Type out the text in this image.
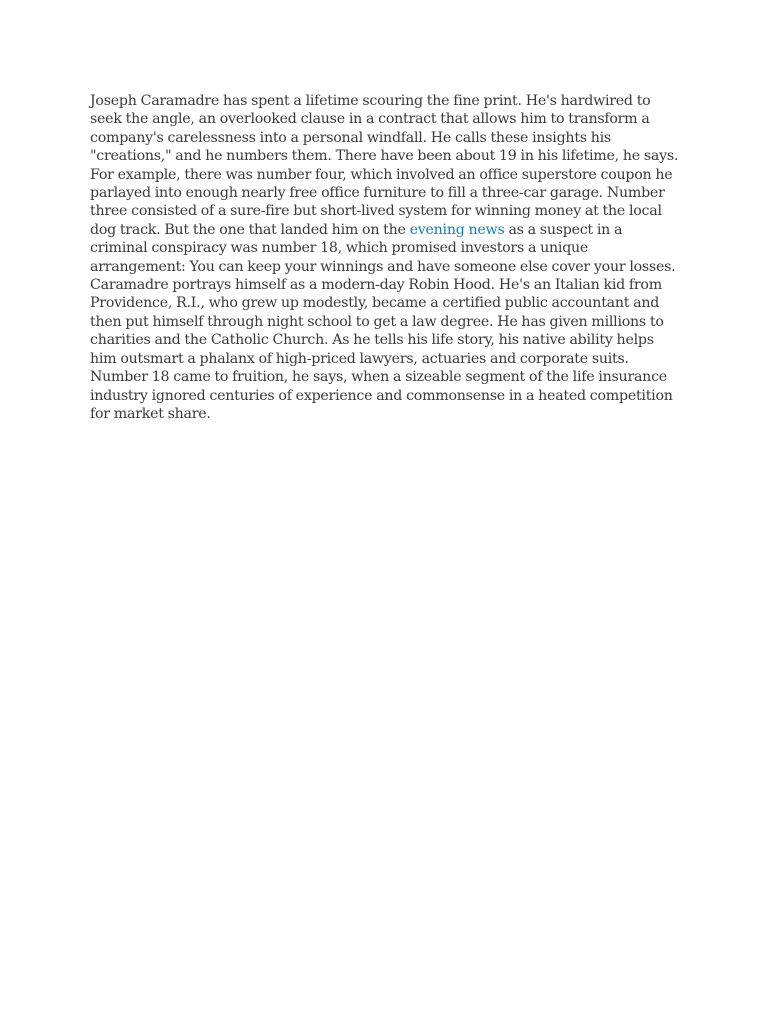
Joseph Caramadre has spent a lifetime scouring the fine print. He's hardwired to seek the angle, an overlooked clause in a contract that allows him to transform a company's carelessness into a personal windfall. He calls these insights his "creations," and he numbers them. There have been about 19 in his lifetime, he says. For example, there was number four, which involved an office superstore coupon he parlayed into enough nearly free office furniture to fill a three-car garage. Number three consisted of a sure-fire but short-lived system for winning money at the local dog track. But the one that landed him on the evening news as a suspect in a criminal conspiracy was number 18, which promised investors a unique arrangement: You can keep your winnings and have someone else cover your losses. Caramadre portrays himself as a modern-day Robin Hood. He's an Italian kid from Providence, R.I., who grew up modestly, became a certified public accountant and then put himself through night school to get a law degree. He has given millions to charities and the Catholic Church. As he tells his life story, his native ability helps him outsmart a phalanx of high-priced lawyers, actuaries and corporate suits. Number 18 came to fruition, he says, when a sizeable segment of the life insurance industry ignored centuries of experience and commonsense in a heated competition for market share.
